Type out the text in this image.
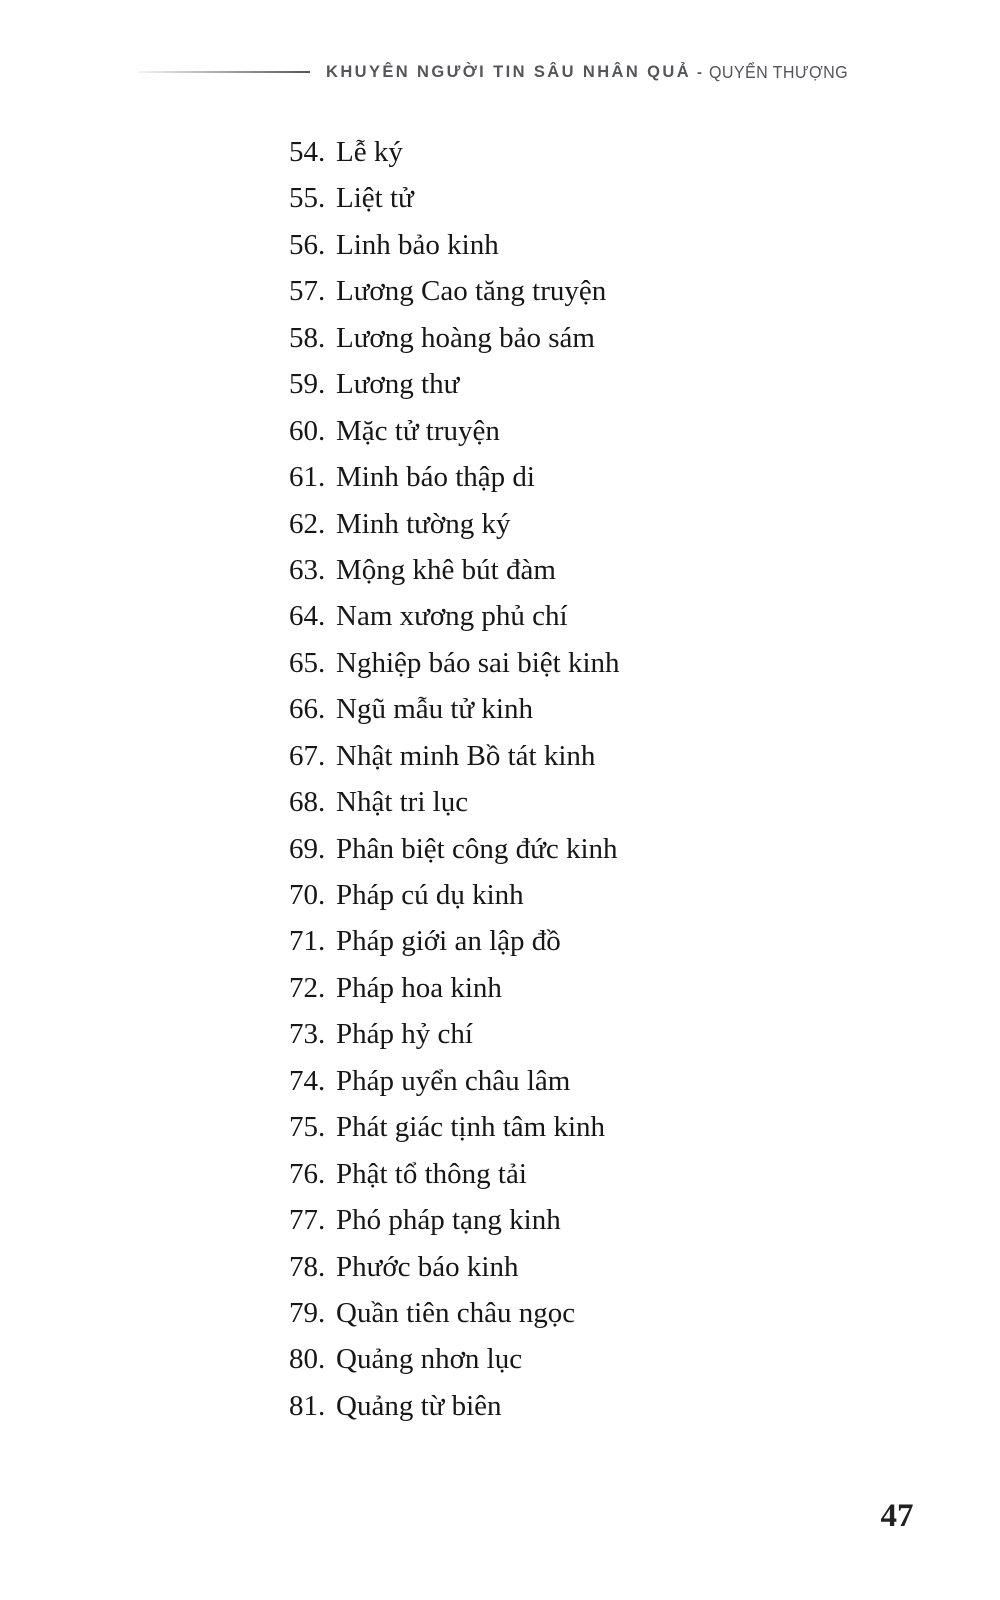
KHUYÊN NGƯỜI TIN SÂU NHÂN QUẢ - QUYỂN THƯỢNG
54. Lễ ký
55. Liệt tử
56. Linh bảo kinh
57. Lương Cao tăng truyện
58. Lương hoàng bảo sám
59. Lương thư
60. Mặc tử truyện
61. Minh báo thập di
62. Minh tường ký
63. Mộng khê bút đàm
64. Nam xương phủ chí
65. Nghiệp báo sai biệt kinh
66. Ngũ mẫu tử kinh
67. Nhật minh Bồ tát kinh
68. Nhật tri lục
69. Phân biệt công đức kinh
70. Pháp cú dụ kinh
71. Pháp giới an lập đồ
72. Pháp hoa kinh
73. Pháp hỷ chí
74. Pháp uyển châu lâm
75. Phát giác tịnh tâm kinh
76. Phật tổ thông tải
77. Phó pháp tạng kinh
78. Phước báo kinh
79. Quần tiên châu ngọc
80. Quảng nhơn lục
81. Quảng từ biên
47
